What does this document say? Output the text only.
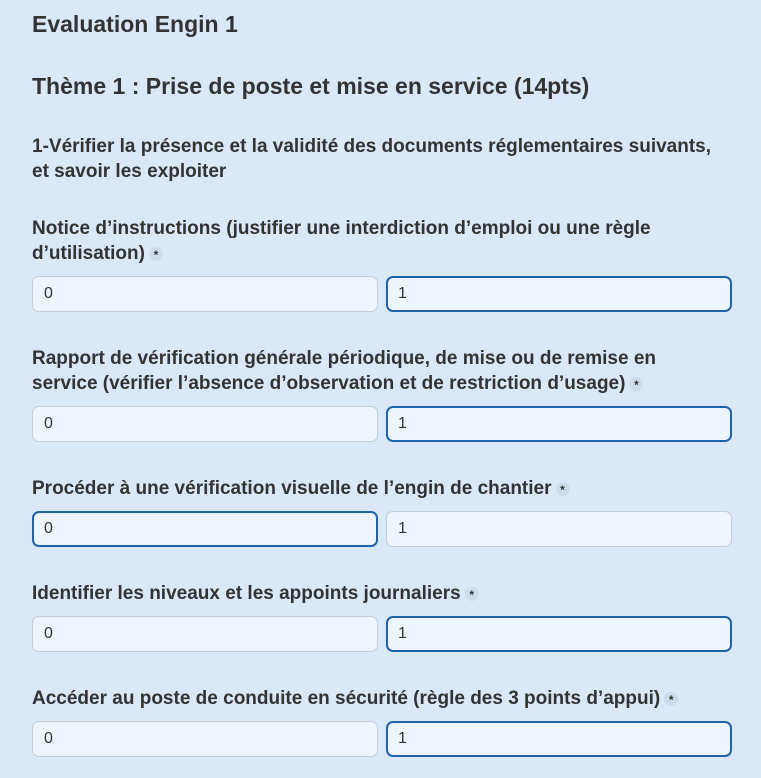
Evaluation Engin 1
Thème 1 : Prise de poste et mise en service (14pts)

1-Vérifier la présence et la validité des documents réglementaires suivants, et savoir les exploiter

Notice d’instructions (justifier une interdiction d’emploi ou une règle d’utilisation) *

0	1

Rapport de vérification générale périodique, de mise ou de remise en service (vérifier l’absence d’observation et de restriction d’usage) *

0	1

Procéder à une vérification visuelle de l’engin de chantier *

0	1

Identifier les niveaux et les appoints journaliers *

0	1

Accéder au poste de conduite en sécurité (règle des 3 points d’appui) *

0	1
